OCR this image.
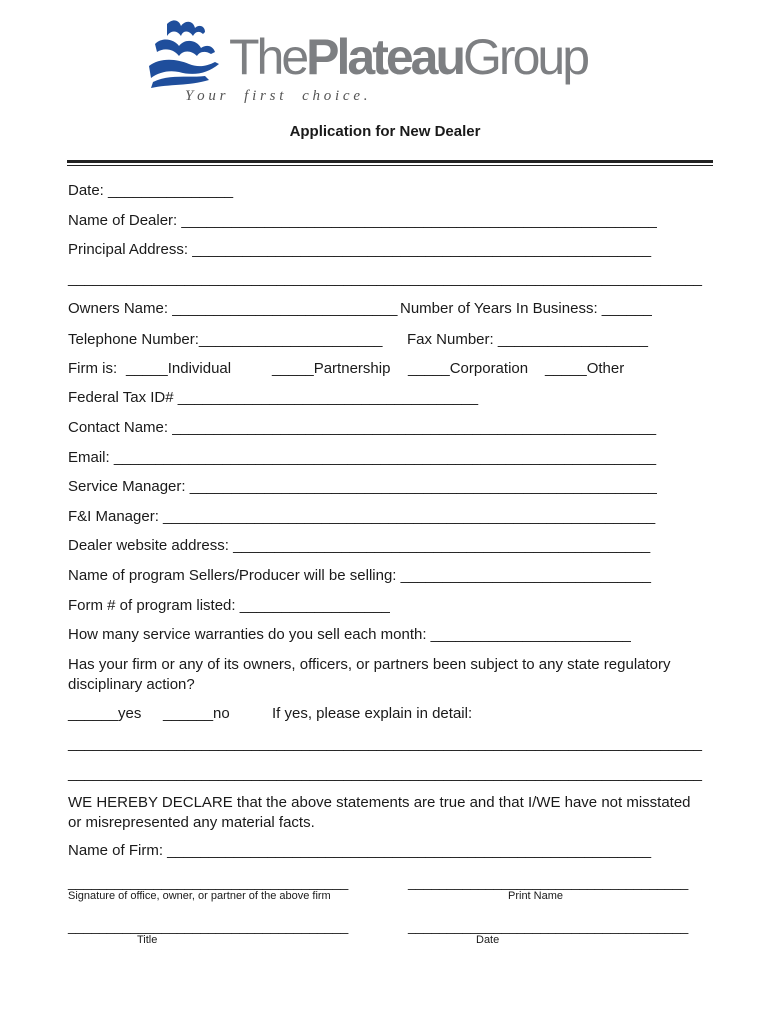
ThePlateauGroup
Y o u r     f i r s t     c h o i c e .
Application for New Dealer
Date: _______________
Name of Dealer: _________________________________________________________
Principal Address: _______________________________________________________
____________________________________________________________________________
Owners Name: ___________________________ Number of Years In Business: ______
Telephone Number:______________________ Fax Number: __________________
Firm is: _____Individual	_____Partnership _____Corporation _____Other
Federal Tax ID# ____________________________________
Contact Name: __________________________________________________________
Email: _________________________________________________________________
Service Manager: ________________________________________________________
F&I Manager: ___________________________________________________________
Dealer website address: __________________________________________________
Name of program Sellers/Producer will be selling: ______________________________
Form # of program listed: __________________
How many service warranties do you sell each month: ________________________
Has your firm or any of its owners, officers, or partners been subject to any state regulatory disciplinary action?
______yes ______no	If yes, please explain in detail:
____________________________________________________________________________
____________________________________________________________________________
WE HEREBY DECLARE that the above statements are true and that I/WE have not misstated or misrepresented any material facts.
Name of Firm: __________________________________________________________
____________________________________
Signature of office, owner, or partner of the above firm
____________________________________
Print Name
____________________________________
Title
____________________________________
Date
